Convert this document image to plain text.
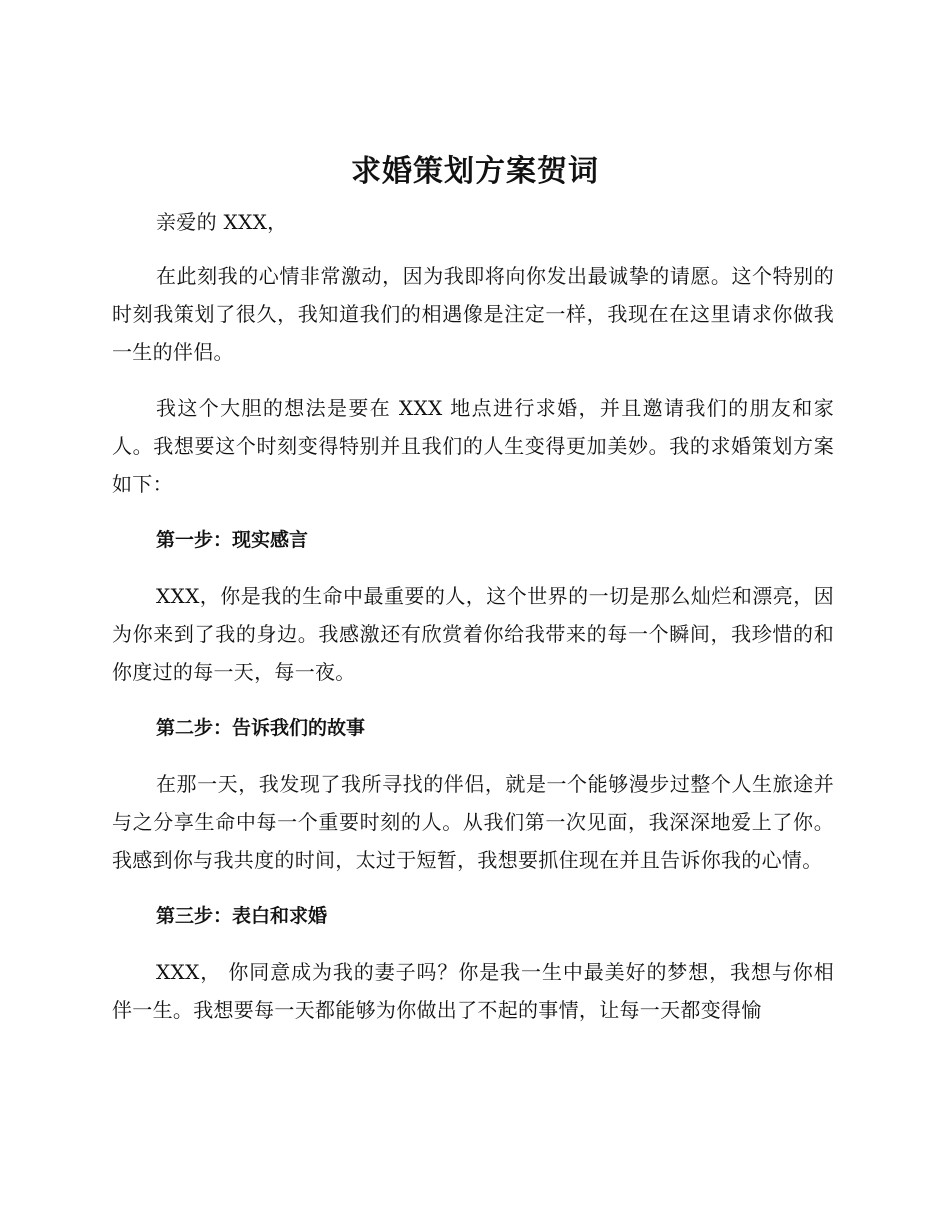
求婚策划方案贺词

亲爱的 XXX，

在此刻我的心情非常激动，因为我即将向你发出最诚挚的请愿。这个特别的时刻我策划了很久，我知道我们的相遇像是注定一样，我现在在这里请求你做我一生的伴侣。

我这个大胆的想法是要在 XXX 地点进行求婚，并且邀请我们的朋友和家人。我想要这个时刻变得特别并且我们的人生变得更加美妙。我的求婚策划方案如下：

第一步：现实感言

XXX，你是我的生命中最重要的人，这个世界的一切是那么灿烂和漂亮，因为你来到了我的身边。我感激还有欣赏着你给我带来的每一个瞬间，我珍惜的和你度过的每一天，每一夜。

第二步：告诉我们的故事

在那一天，我发现了我所寻找的伴侣，就是一个能够漫步过整个人生旅途并与之分享生命中每一个重要时刻的人。从我们第一次见面，我深深地爱上了你。我感到你与我共度的时间，太过于短暂，我想要抓住现在并且告诉你我的心情。

第三步：表白和求婚

XXX， 你同意成为我的妻子吗？你是我一生中最美好的梦想，我想与你相伴一生。我想要每一天都能够为你做出了不起的事情，让每一天都变得愉
